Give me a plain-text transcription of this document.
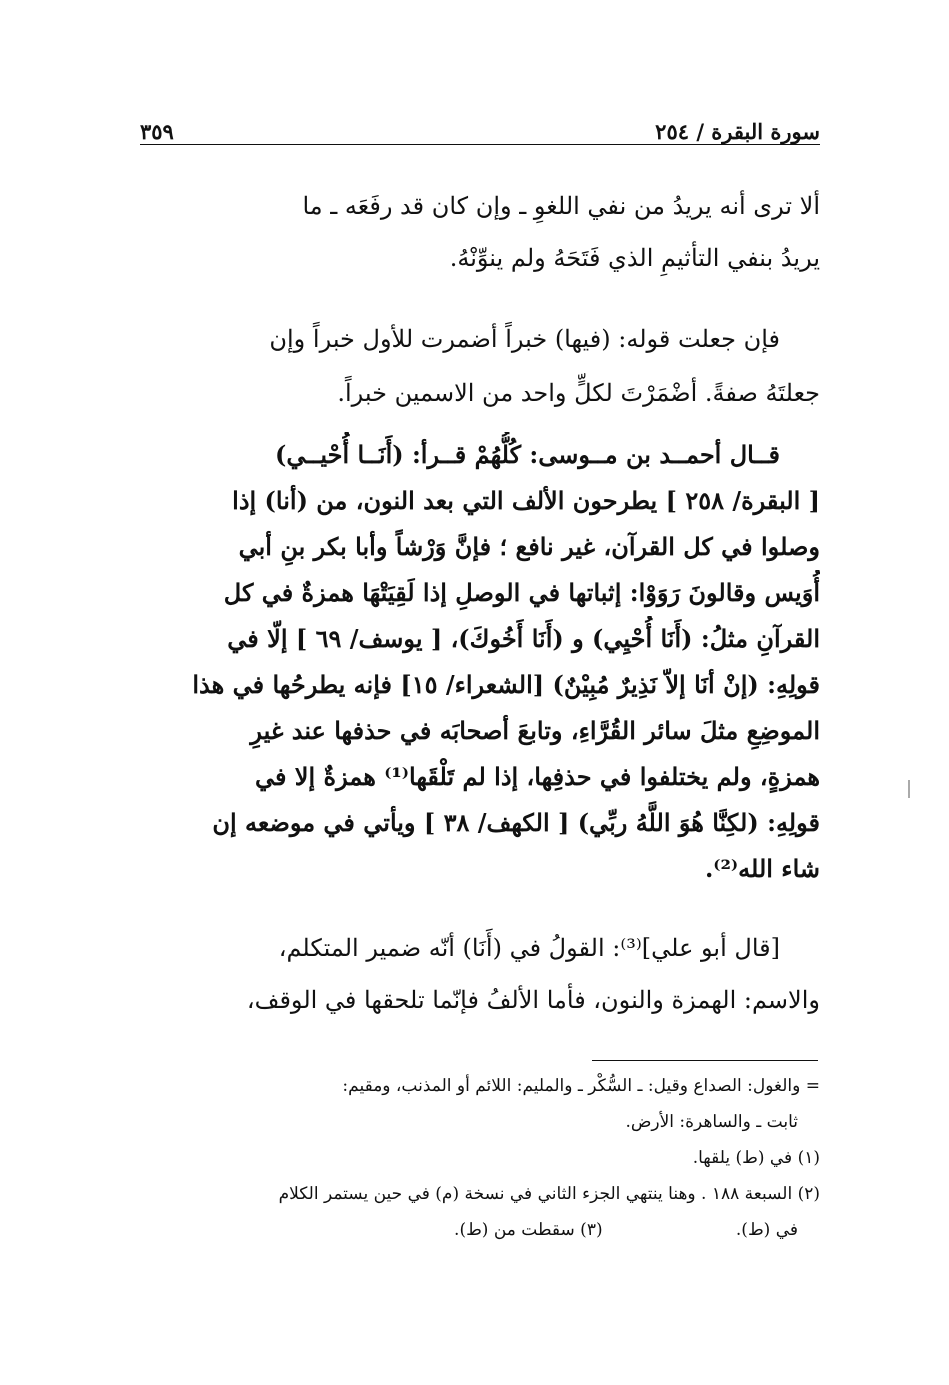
سورة البقرة / ٢٥٤
٣٥٩
ألا ترى أنه يريدُ من نفي اللغوِ ـ وإن كان قد رفَعَه ـ ما
يريدُ بنفي التأثيمِ الذي فَتَحَهُ ولم ينوِّنْهُ.
فإن جعلت قوله: (فيها) خبراً أضمرت للأول خبراً وإن
جعلتَهُ صفةً. أضْمَرْتَ لكلٍّ واحد من الاسمين خبراً.
قــال أحمــد بن مــوسى: كُلُّهُمْ قــرأ: (أَنَــا أُحْيــي)
[ البقرة/ ٢٥٨ ] يطرحون الألف التي بعد النون، من (أنا) إذا
وصلوا في كل القرآن، غير نافع ؛ فإنَّ وَرْشاً وأبا بكر بنِ أبي
أُوَيس وقالونَ رَوَوْا: إثباتها في الوصلِ إذا لَقِيَتْهَا همزةٌ في كل
القرآنِ مثلُ: (أَنَا أُحْيِي) و (أَنَا أَخُوكَ)، [ يوسف/ ٦٩ ] إلّا في
قولِهِ: (إنْ أنَا إلاّ نَذِيرٌ مُبِيْنٌ) [الشعراء/ ١٥] فإنه يطرحُها في هذا
الموضِعِ مثلَ سائر القُرَّاءِ، وتابعَ أصحابَه في حذفها عند غيرِ
همزةٍ، ولم يختلفوا في حذفِها، إذا لم تَلْقَها⁽¹⁾ همزةٌ إلا في
قولِهِ: (لكِنَّا هُوَ اللَّهُ ربِّي) [ الكهف/ ٣٨ ] ويأتي في موضعه إن
شاء الله⁽²⁾.
[قال أبو علي]⁽³⁾: القولُ في (أَنَا) أنّه ضمير المتكلم،
والاسم: الهمزة والنون، فأما الألفُ فإنّما تلحقها في الوقف،
= والغول: الصداع وقيل: ـ السُّكْر ـ والمليم: اللائم أو المذنب، ومقيم:
ثابت ـ والساهرة: الأرض.
(١) في (ط) يلقها.
(٢) السبعة ١٨٨ . وهنا ينتهي الجزء الثاني في نسخة (م) في حين يستمر الكلام
في (ط). (٣) سقطت من (ط).
